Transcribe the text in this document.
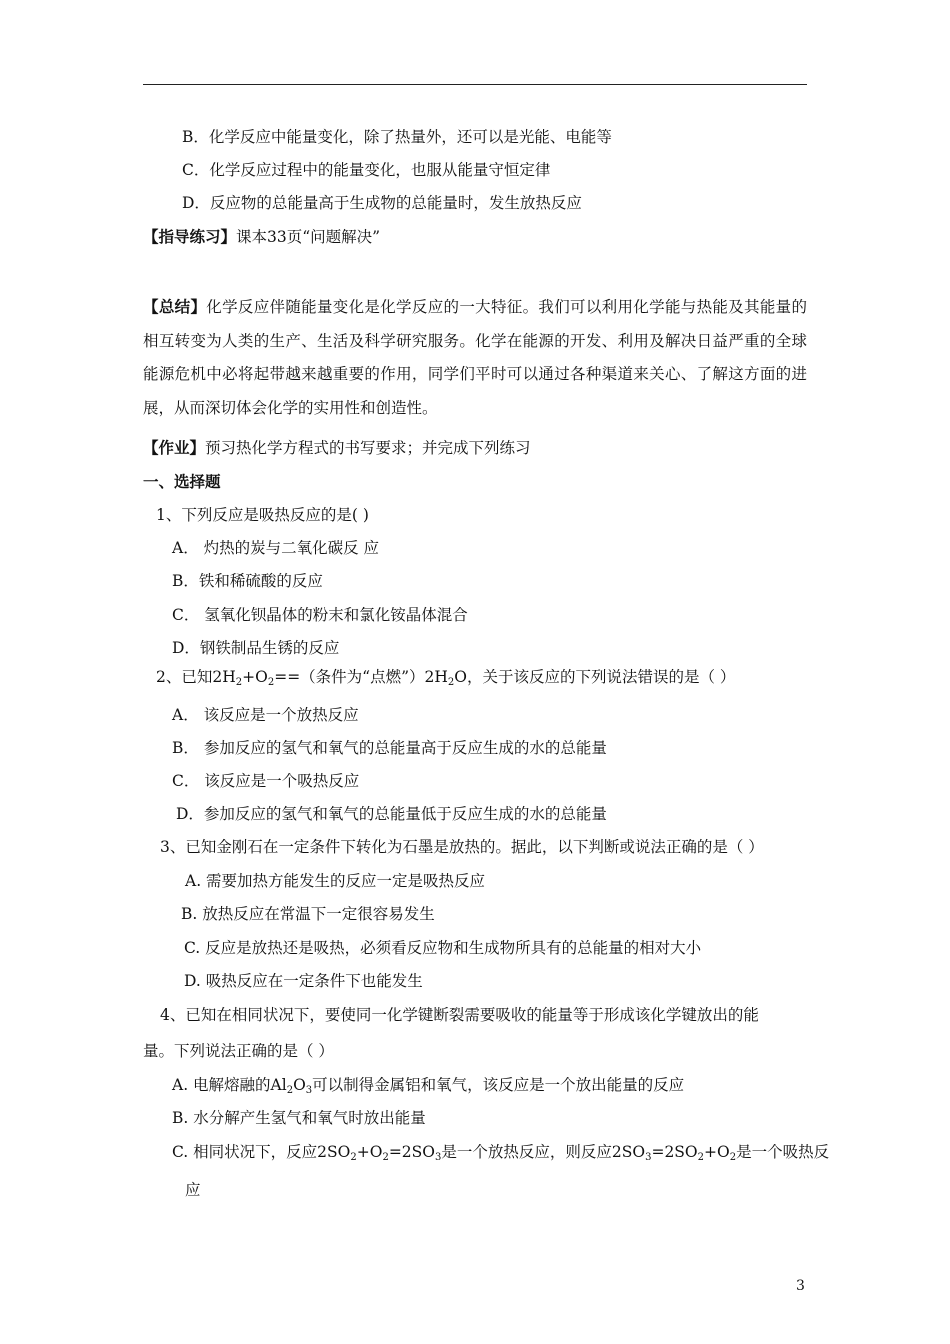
B．化学反应中能量变化，除了热量外，还可以是光能、电能等
C．化学反应过程中的能量变化，也服从能量守恒定律
D．反应物的总能量高于生成物的总能量时，发生放热反应
【指导练习】课本33页“问题解决”
【总结】化学反应伴随能量变化是化学反应的一大特征。我们可以利用化学能与热能及其能量的相互转变为人类的生产、生活及科学研究服务。化学在能源的开发、利用及解决日益严重的全球能源危机中必将起带越来越重要的作用，同学们平时可以通过各种渠道来关心、了解这方面的进展，从而深切体会化学的实用性和创造性。
【作业】预习热化学方程式的书写要求；并完成下列练习
一、选择题
1、下列反应是吸热反应的是( )
A． 灼热的炭与二氧化碳反 应
B．铁和稀硫酸的反应
C． 氢氧化钡晶体的粉末和氯化铵晶体混合
D．钢铁制品生锈的反应
2、已知$2H_2+O_2==$（条件为“点燃$”)2H_2O$，关于该反应的下列说法错误的是（ ）
A． 该反应是一个放热反应
B． 参加反应的氢气和氧气的总能量高于反应生成的水的总能量
C． 该反应是一个吸热反应
D．参加反应的氢气和氧气的总能量低于反应生成的水的总能量
3、已知金刚石在一定条件下转化为石墨是放热的。据此，以下判断或说法正确的是（ ）
A. 需要加热方能发生的反应一定是吸热反应
B. 放热反应在常温下一定很容易发生
C. 反应是放热还是吸热，必须看反应物和生成物所具有的总能量的相对大小
D. 吸热反应在一定条件下也能发生
4、已知在相同状况下，要使同一化学键断裂需要吸收的能量等于形成该化学键放出的能
量。下列说法正确的是（ ）
A. 电解熔融的$Al_2O_3$可以制得金属铝和氧气，该反应是一个放出能量的反应
B. 水分解产生氢气和氧气时放出能量
C. 相同状况下，反应$2SO_2+O_2=2SO_3$是一个放热反应，则反应$2SO_3=2SO_2+O_2$是一个吸热反
应
3
